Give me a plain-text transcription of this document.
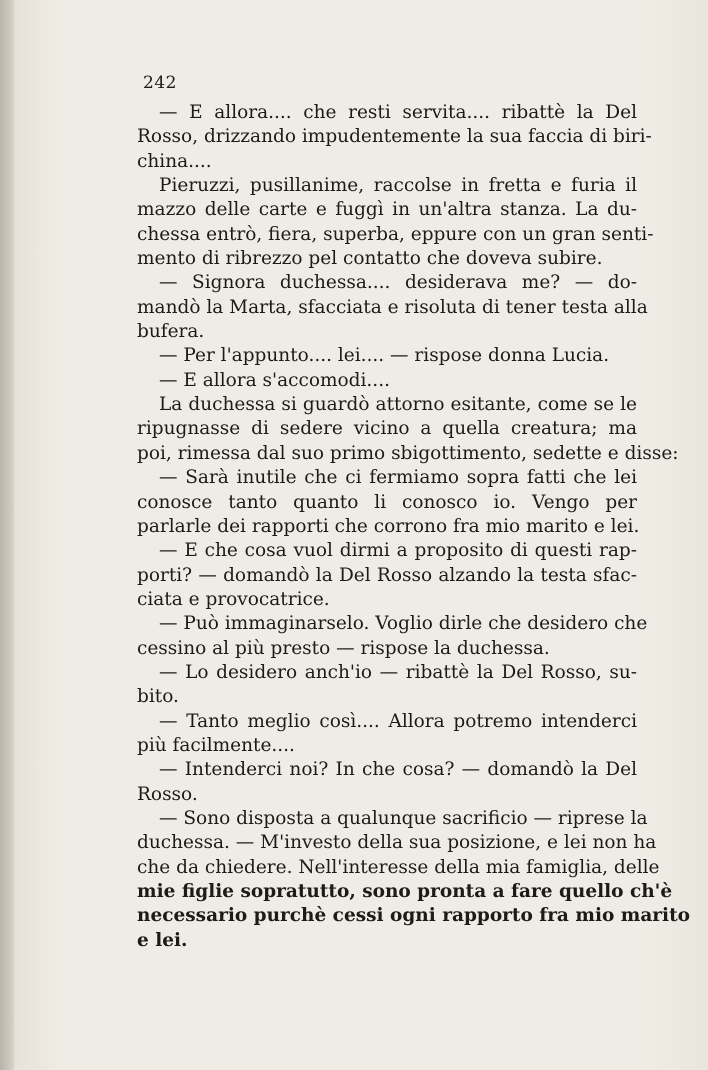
242
— E allora.... che resti servita.... ribattè la Del
Rosso, drizzando impudentemente la sua faccia di biri-
china....
Pieruzzi, pusillanime, raccolse in fretta e furia il
mazzo delle carte e fuggì in un'altra stanza. La du-
chessa entrò, fiera, superba, eppure con un gran senti-
mento di ribrezzo pel contatto che doveva subire.
— Signora duchessa.... desiderava me? — do-
mandò la Marta, sfacciata e risoluta di tener testa alla
bufera.
— Per l'appunto.... lei.... — rispose donna Lucia.
— E allora s'accomodi....
La duchessa si guardò attorno esitante, come se le
ripugnasse di sedere vicino a quella creatura; ma
poi, rimessa dal suo primo sbigottimento, sedette e disse:
— Sarà inutile che ci fermiamo sopra fatti che lei
conosce tanto quanto li conosco io. Vengo per
parlarle dei rapporti che corrono fra mio marito e lei.
— E che cosa vuol dirmi a proposito di questi rap-
porti? — domandò la Del Rosso alzando la testa sfac-
ciata e provocatrice.
— Può immaginarselo. Voglio dirle che desidero che
cessino al più presto — rispose la duchessa.
— Lo desidero anch'io — ribattè la Del Rosso, su-
bito.
— Tanto meglio così.... Allora potremo intenderci
più facilmente....
— Intenderci noi? In che cosa? — domandò la Del
Rosso.
— Sono disposta a qualunque sacrificio — riprese la
duchessa. — M'investo della sua posizione, e lei non ha
che da chiedere. Nell'interesse della mia famiglia, delle
mie figlie sopratutto, sono pronta a fare quello ch'è
necessario purchè cessi ogni rapporto fra mio marito
e lei.
